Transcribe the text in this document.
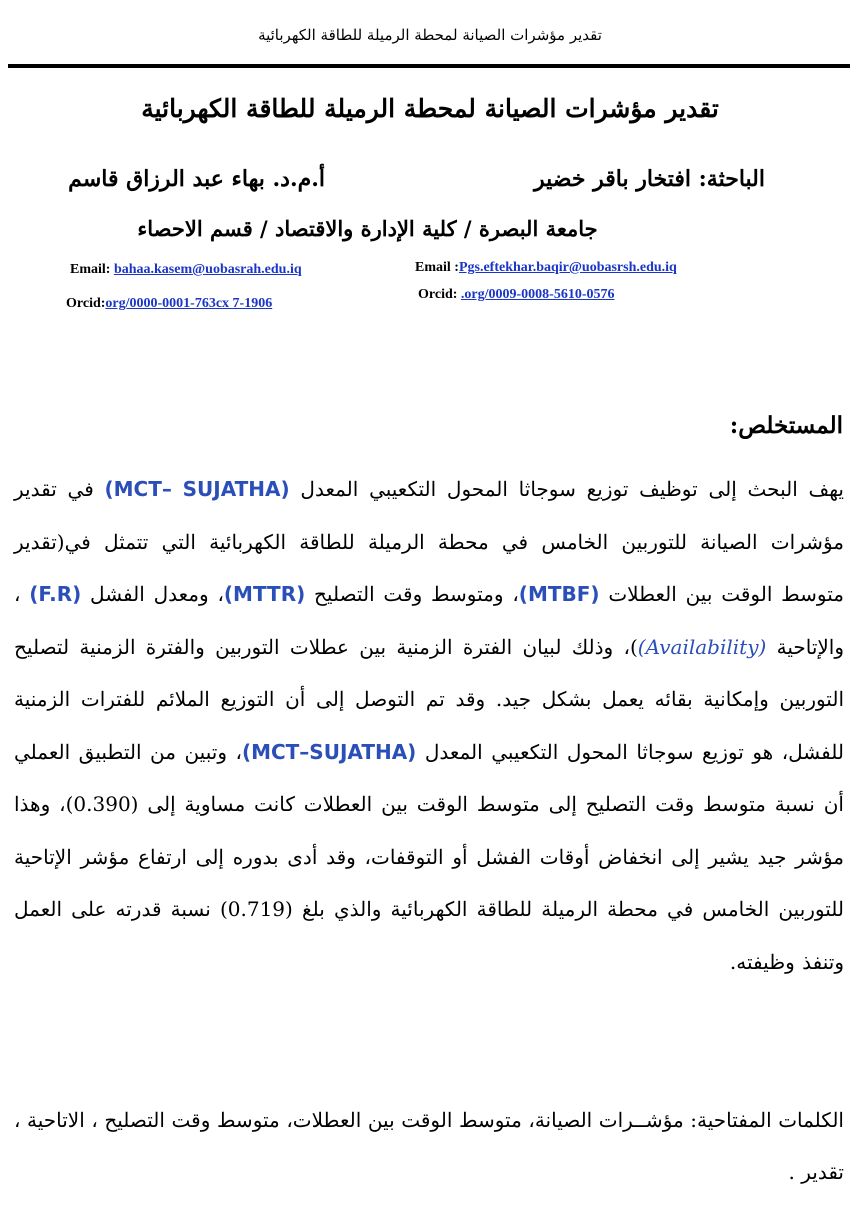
تقدير مؤشرات الصيانة لمحطة الرميلة للطاقة الكهربائية
تقدير مؤشرات الصيانة لمحطة الرميلة للطاقة الكهربائية
الباحثة: افتخار باقر خضير
أ.م.د. بهاء عبد الرزاق قاسم
جامعة البصرة / كلية الإدارة والاقتصاد / قسم الاحصاء
Email: bahaa.kasem@uobasrah.edu.iq
Orcid:org/0000-0001-763cx 7-1906
Email :Pgs.eftekhar.baqir@uobasrsh.edu.iq
Orcid: .org/0009-0008-5610-0576
المستخلص:
يهف البحث إلى توظيف توزيع سوجاثا المحول التكعيبي المعدل (MCT– SUJATHA) في تقدير مؤشرات الصيانة للتوربين الخامس في محطة الرميلة للطاقة الكهربائية التي تتمثل في(تقدير متوسط الوقت بين العطلات (MTBF)، ومتوسط وقت التصليح (MTTR)، ومعدل الفشل (F.R) ، والإتاحية (Availability))، وذلك لبيان الفترة الزمنية بين عطلات التوربين والفترة الزمنية لتصليح التوربين وإمكانية بقائه يعمل بشكل جيد. وقد تم التوصل إلى أن التوزيع الملائم للفترات الزمنية للفشل، هو توزيع سوجاثا المحول التكعيبي المعدل (MCT–SUJATHA)، وتبين من التطبيق العملي أن نسبة متوسط وقت التصليح إلى متوسط الوقت بين العطلات كانت مساوية إلى (0.390)، وهذا مؤشر جيد يشير إلى انخفاض أوقات الفشل أو التوقفات، وقد أدى بدوره إلى ارتفاع مؤشر الإتاحية للتوربين الخامس في محطة الرميلة للطاقة الكهربائية والذي بلغ (0.719) نسبة قدرته على العمل وتنفذ وظيفته.
الكلمات المفتاحية: مؤشــرات الصيانة، متوسط الوقت بين العطلات، متوسط وقت التصليح ، الاتاحية ، تقدير .
